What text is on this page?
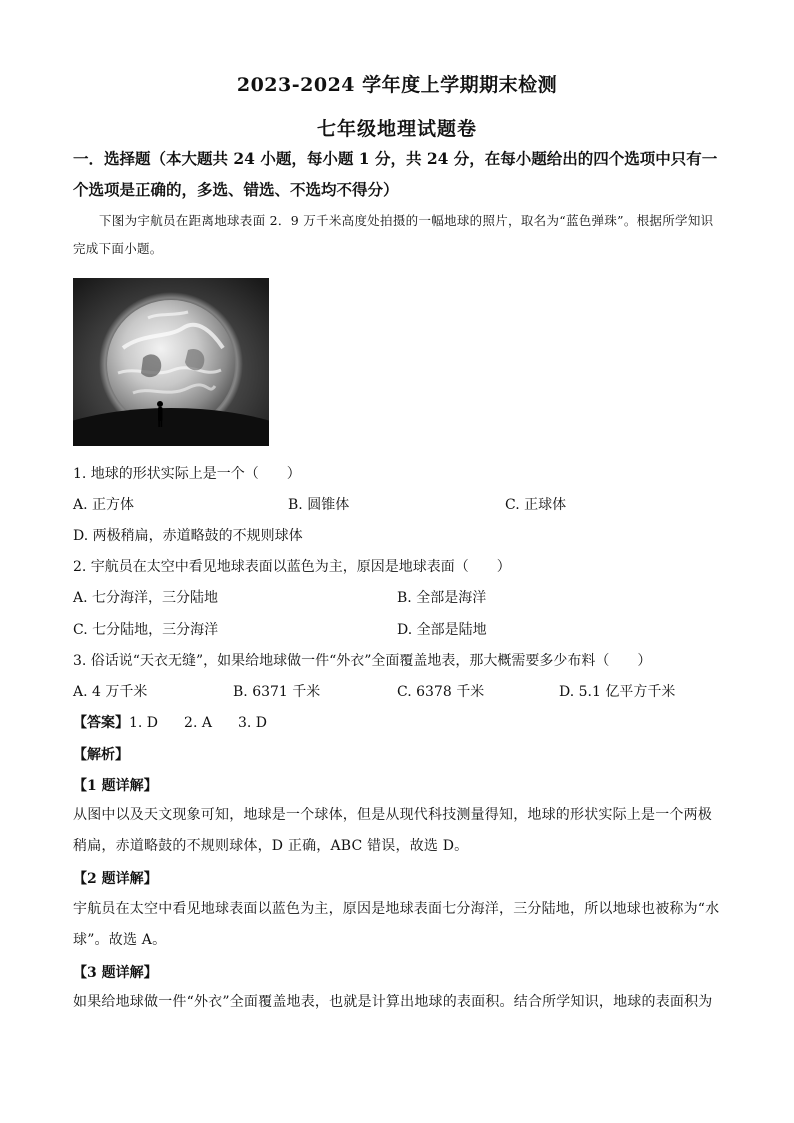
2023-2024 学年度上学期期末检测
七年级地理试题卷
一．选择题（本大题共 24 小题，每小题 1 分，共 24 分，在每小题给出的四个选项中只有一个选项是正确的，多选、错选、不选均不得分）
下图为宇航员在距离地球表面 2．9 万千米高度处拍摄的一幅地球的照片，取名为“蓝色弹珠”。根据所学知识完成下面小题。
1. 地球的形状实际上是一个（　　）
A. 正方体	B. 圆锥体	C. 正球体
D. 两极稍扁，赤道略鼓的不规则球体
2. 宇航员在太空中看见地球表面以蓝色为主，原因是地球表面（　　）
A. 七分海洋，三分陆地	B. 全部是海洋
C. 七分陆地，三分海洋	D. 全部是陆地
3. 俗话说“天衣无缝”，如果给地球做一件“外衣”全面覆盖地表，那大概需要多少布料（　　）
A. 4 万千米	B. 6371 千米	C. 6378 千米	D. 5.1 亿平方千米
【答案】1. D 2. A 3. D
【解析】
【1 题详解】
从图中以及天文现象可知，地球是一个球体，但是从现代科技测量得知，地球的形状实际上是一个两极稍扁，赤道略鼓的不规则球体，D 正确，ABC 错误，故选 D。
【2 题详解】
宇航员在太空中看见地球表面以蓝色为主，原因是地球表面七分海洋，三分陆地，所以地球也被称为“水球”。故选 A。
【3 题详解】
如果给地球做一件“外衣”全面覆盖地表，也就是计算出地球的表面积。结合所学知识，地球的表面积为
